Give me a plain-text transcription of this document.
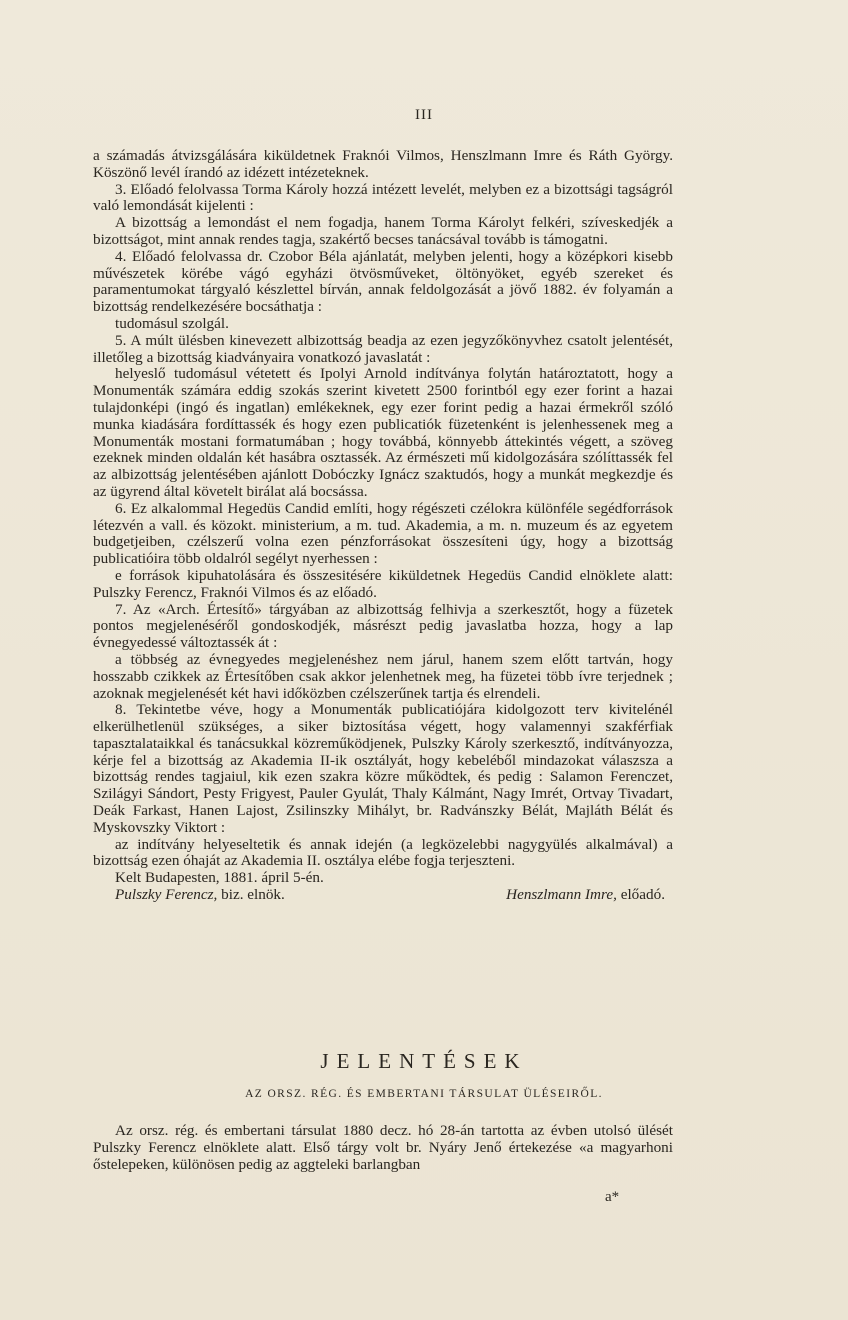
III

a számadás átvizsgálására kiküldetnek Fraknói Vilmos, Henszlmann Imre és Ráth György. Köszönő levél írandó az idézett intézeteknek.

3. Előadó felolvassa Torma Károly hozzá intézett levelét, melyben ez a bizottsági tagságról való lemondását kijelenti :

A bizottság a lemondást el nem fogadja, hanem Torma Károlyt felkéri, szíveskedjék a bizottságot, mint annak rendes tagja, szakértő becses tanácsával tovább is támogatni.

4. Előadó felolvassa dr. Czobor Béla ajánlatát, melyben jelenti, hogy a középkori kisebb művészetek körébe vágó egyházi ötvösműveket, öltönyöket, egyéb szereket és paramentumokat tárgyaló készlettel bírván, annak feldolgozását a jövő 1882. év folyamán a bizottság rendelkezésére bocsáthatja :

tudomásul szolgál.

5. A múlt ülésben kinevezett albizottság beadja az ezen jegyzőkönyvhez csatolt jelentését, illetőleg a bizottság kiadványaira vonatkozó javaslatát :

helyeslő tudomásul vétetett és Ipolyi Arnold indítványa folytán határoztatott, hogy a Monumenták számára eddig szokás szerint kivetett 2500 forintból egy ezer forint a hazai tulajdonképi (ingó és ingatlan) emlékeknek, egy ezer forint pedig a hazai érmekről szóló munka kiadására fordíttassék és hogy ezen publicatiók füzetenként is jelenhessenek meg a Monumenták mostani formatumában ; hogy továbbá, könnyebb áttekintés végett, a szöveg ezeknek minden oldalán két hasábra osztassék. Az érmészeti mű kidolgozására szólíttassék fel az albizottság jelentésében ajánlott Dobóczky Ignácz szaktudós, hogy a munkát megkezdje és az ügyrend által követelt birálat alá bocsássa.

6. Ez alkalommal Hegedüs Candid említi, hogy régészeti czélokra különféle segédforrások létezvén a vall. és közokt. ministerium, a m. tud. Akademia, a m. n. muzeum és az egyetem budgetjeiben, czélszerű volna ezen pénzforrásokat összesíteni úgy, hogy a bizottság publicatióira több oldalról segélyt nyerhessen :

e források kipuhatolására és összesitésére kiküldetnek Hegedüs Candid elnöklete alatt: Pulszky Ferencz, Fraknói Vilmos és az előadó.

7. Az «Arch. Értesítő» tárgyában az albizottság felhivja a szerkesztőt, hogy a füzetek pontos megjelenéséről gondoskodjék, másrészt pedig javaslatba hozza, hogy a lap évnegyedessé változtassék át :

a többség az évnegyedes megjelenéshez nem járul, hanem szem előtt tartván, hogy hosszabb czikkek az Értesítőben csak akkor jelenhetnek meg, ha füzetei több ívre terjednek ; azoknak megjelenését két havi időközben czélszerűnek tartja és elrendeli.

8. Tekintetbe véve, hogy a Monumenták publicatiójára kidolgozott terv kivitelénél elkerülhetlenül szükséges, a siker biztosítása végett, hogy valamennyi szakférfiak tapasztalataikkal és tanácsukkal közreműködjenek, Pulszky Károly szerkesztő, indítványozza, kérje fel a bizottság az Akademia II-ik osztályát, hogy kebeléből mindazokat válaszsza a bizottság rendes tagjaiul, kik ezen szakra közre működtek, és pedig : Salamon Ferenczet, Szilágyi Sándort, Pesty Frigyest, Pauler Gyulát, Thaly Kálmánt, Nagy Imrét, Ortvay Tivadart, Deák Farkast, Hanen Lajost, Zsilinszky Mihályt, br. Radvánszky Bélát, Majláth Bélát és Myskovszky Viktort :

az indítvány helyeseltetik és annak idején (a legközelebbi nagygyülés alkalmával) a bizottság ezen óhaját az Akademia II. osztálya elébe fogja terjeszteni.

Kelt Budapesten, 1881. ápril 5-én.

Pulszky Ferencz, biz. elnök.	Henszlmann Imre, előadó.

JELENTÉSEK
AZ ORSZ. RÉG. ÉS EMBERTANI TÁRSULAT ÜLÉSEIRŐL.

Az orsz. rég. és embertani társulat 1880 decz. hó 28-án tartotta az évben utolsó ülését Pulszky Ferencz elnöklete alatt. Első tárgy volt br. Nyáry Jenő értekezése «a magyarhoni őstelepeken, különösen pedig az aggteleki barlangban

a*
